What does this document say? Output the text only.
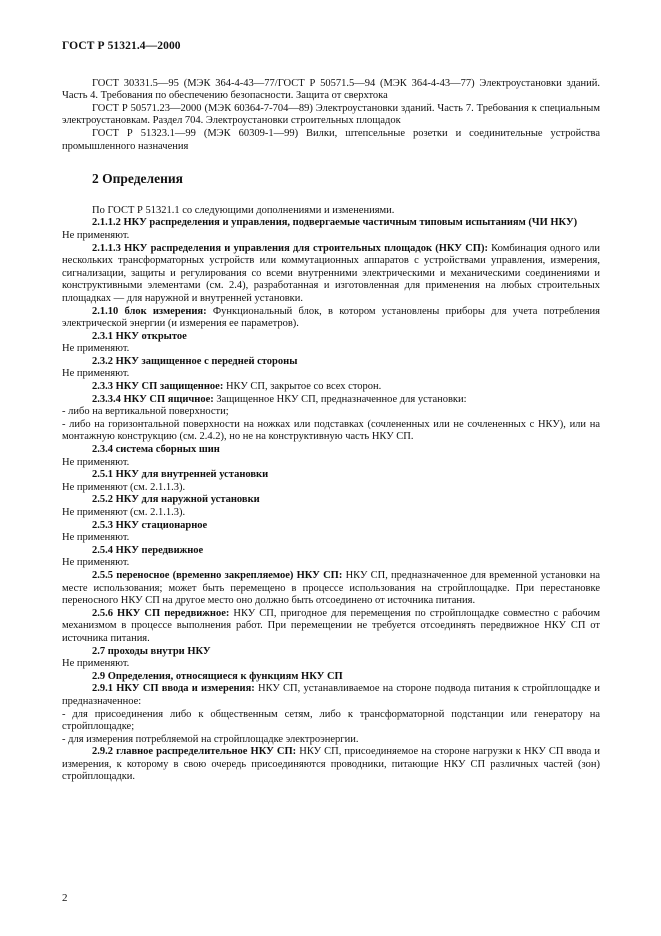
ГОСТ Р 51321.4—2000

ГОСТ 30331.5—95 (МЭК 364-4-43—77/ГОСТ Р 50571.5—94 (МЭК 364-4-43—77) Электроустановки зданий. Часть 4. Требования по обеспечению безопасности. Защита от сверхтока

ГОСТ Р 50571.23—2000 (МЭК 60364-7-704—89) Электроустановки зданий. Часть 7. Требования к специальным электроустановкам. Раздел 704. Электроустановки строительных площадок

ГОСТ Р 51323.1—99 (МЭК 60309-1—99) Вилки, штепсельные розетки и соединительные устройства промышленного назначения

2 Определения

По ГОСТ Р 51321.1 со следующими дополнениями и изменениями.

2.1.1.2 НКУ распределения и управления, подвергаемые частичным типовым испытаниям (ЧИ НКУ)

Не применяют.

2.1.1.3 НКУ распределения и управления для строительных площадок (НКУ СП): Комбинация одного или нескольких трансформаторных устройств или коммутационных аппаратов с устройствами управления, измерения, сигнализации, защиты и регулирования со всеми внутренними электрическими и механическими соединениями и конструктивными элементами (см. 2.4), разработанная и изготовленная для применения на любых строительных площадках — для наружной и внутренней установки.

2.1.10 блок измерения: Функциональный блок, в котором установлены приборы для учета потребления электрической энергии (и измерения ее параметров).

2.3.1 НКУ открытое

Не применяют.

2.3.2 НКУ защищенное с передней стороны

Не применяют.

2.3.3 НКУ СП защищенное: НКУ СП, закрытое со всех сторон.

2.3.3.4 НКУ СП ящичное: Защищенное НКУ СП, предназначенное для установки:

- либо на вертикальной поверхности;

- либо на горизонтальной поверхности на ножках или подставках (сочлененных или не сочлененных с НКУ), или на монтажную конструкцию (см. 2.4.2), но не на конструктивную часть НКУ СП.

2.3.4 система сборных шин

Не применяют.

2.5.1 НКУ для внутренней установки

Не применяют (см. 2.1.1.3).

2.5.2 НКУ для наружной установки

Не применяют (см. 2.1.1.3).

2.5.3 НКУ стационарное

Не применяют.

2.5.4 НКУ передвижное

Не применяют.

2.5.5 переносное (временно закрепляемое) НКУ СП: НКУ СП, предназначенное для временной установки на месте использования; может быть перемещено в процессе использования на стройплощадке. При перестановке переносного НКУ СП на другое место оно должно быть отсоединено от источника питания.

2.5.6 НКУ СП передвижное: НКУ СП, пригодное для перемещения по стройплощадке совместно с рабочим механизмом в процессе выполнения работ. При перемещении не требуется отсоединять передвижное НКУ СП от источника питания.

2.7 проходы внутри НКУ

Не применяют.

2.9 Определения, относящиеся к функциям НКУ СП

2.9.1 НКУ СП ввода и измерения: НКУ СП, устанавливаемое на стороне подвода питания к стройплощадке и предназначенное:

- для присоединения либо к общественным сетям, либо к трансформаторной подстанции или генератору на стройплощадке;

- для измерения потребляемой на стройплощадке электроэнергии.

2.9.2 главное распределительное НКУ СП: НКУ СП, присоединяемое на стороне нагрузки к НКУ СП ввода и измерения, к которому в свою очередь присоединяются проводники, питающие НКУ СП различных частей (зон) стройплощадки.

2
